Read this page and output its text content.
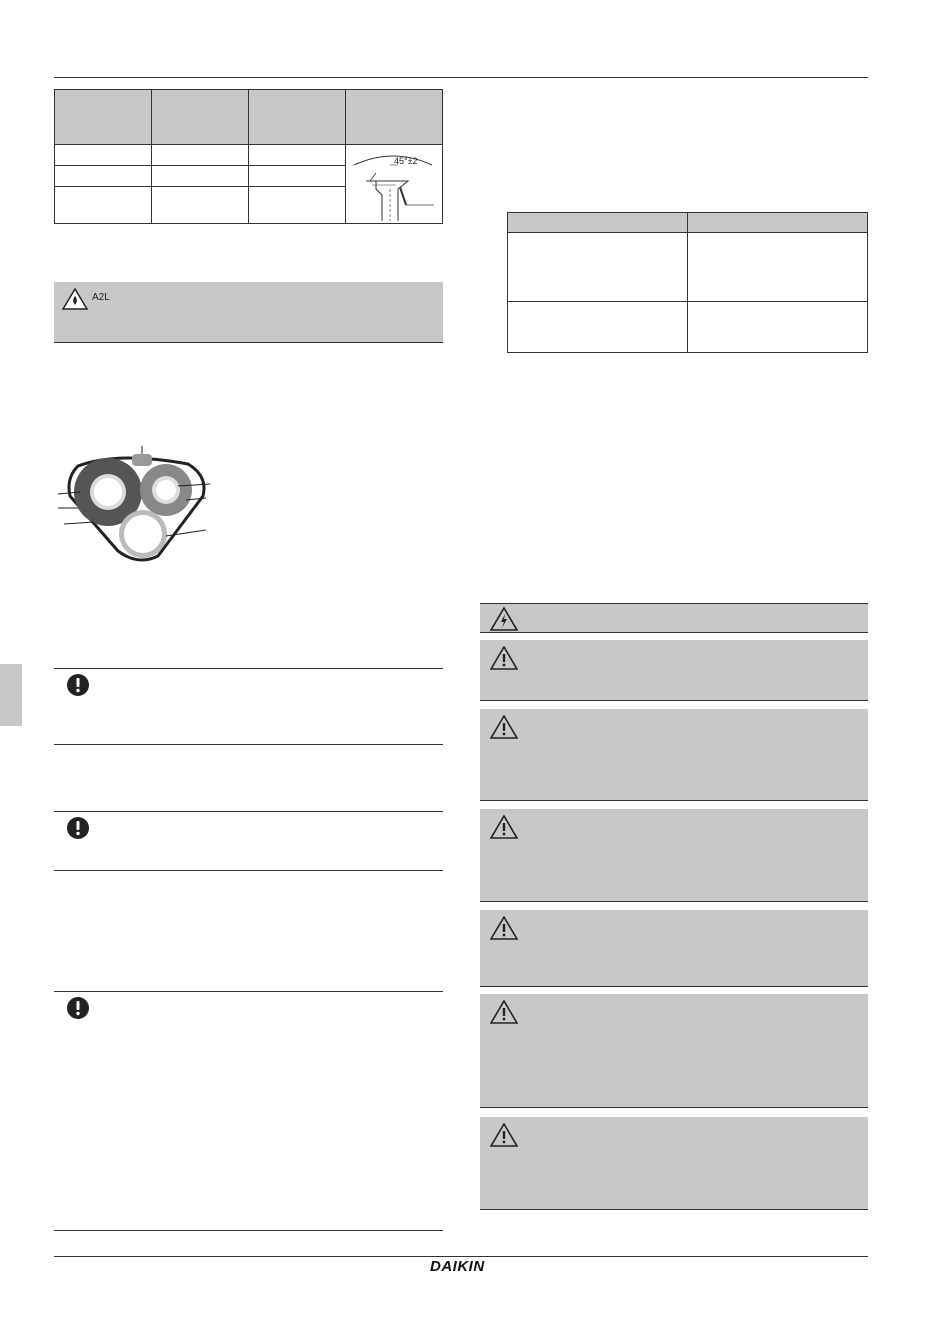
45°±2

A2L

DAIKIN
